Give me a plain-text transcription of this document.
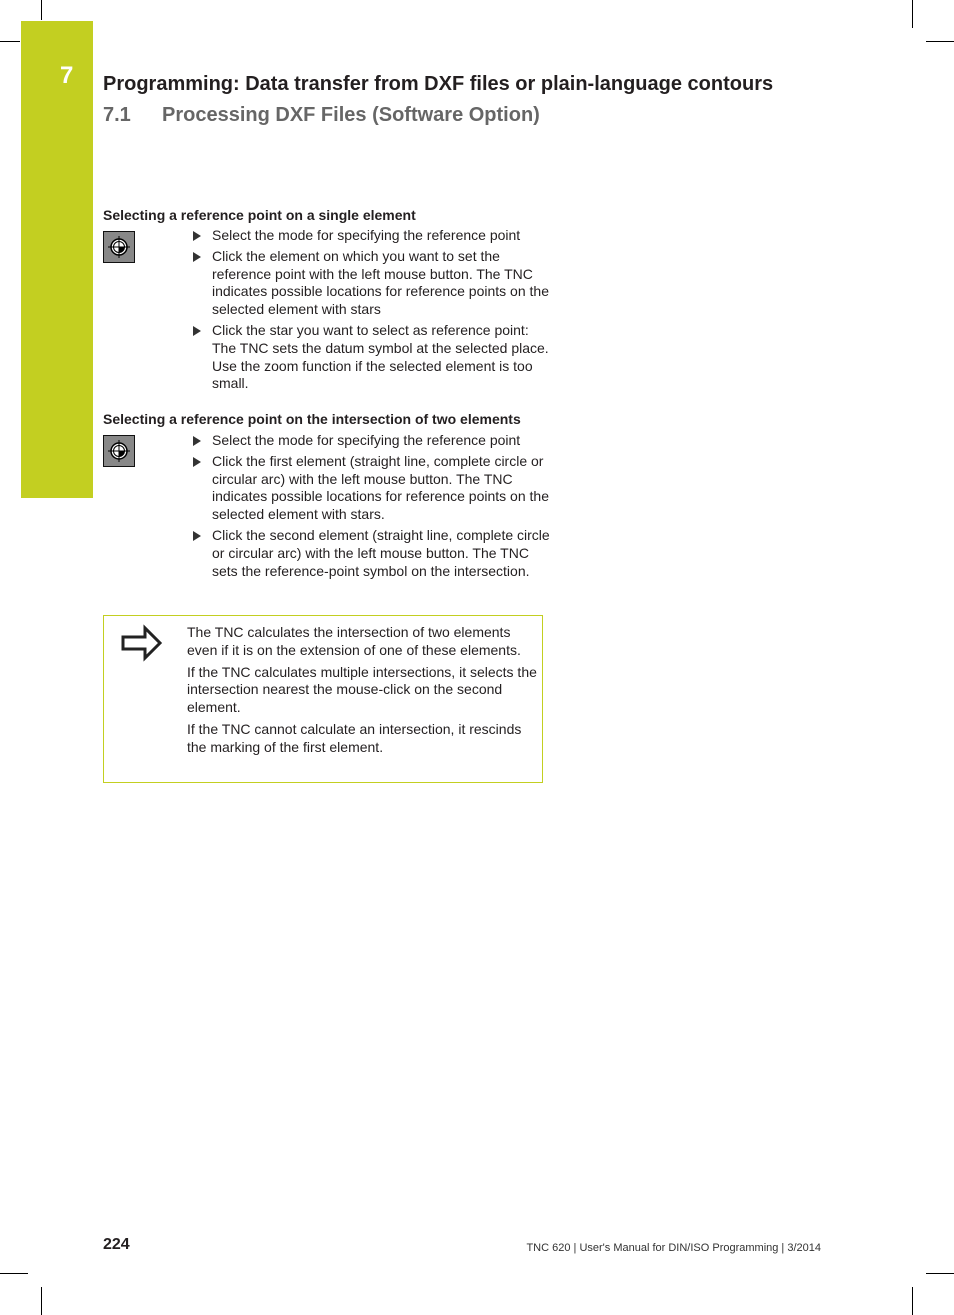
7 Programming: Data transfer from DXF files or plain-language contours
7.1 Processing DXF Files (Software Option)
Selecting a reference point on a single element
Select the mode for specifying the reference point
Click the element on which you want to set the reference point with the left mouse button. The TNC indicates possible locations for reference points on the selected element with stars
Click the star you want to select as reference point: The TNC sets the datum symbol at the selected place. Use the zoom function if the selected element is too small.
Selecting a reference point on the intersection of two elements
Select the mode for specifying the reference point
Click the first element (straight line, complete circle or circular arc) with the left mouse button. The TNC indicates possible locations for reference points on the selected element with stars.
Click the second element (straight line, complete circle or circular arc) with the left mouse button. The TNC sets the reference-point symbol on the intersection.

The TNC calculates the intersection of two elements even if it is on the extension of one of these elements.

If the TNC calculates multiple intersections, it selects the intersection nearest the mouse-click on the second element.

If the TNC cannot calculate an intersection, it rescinds the marking of the first element.

224	TNC 620 | User's Manual for DIN/ISO Programming | 3/2014
